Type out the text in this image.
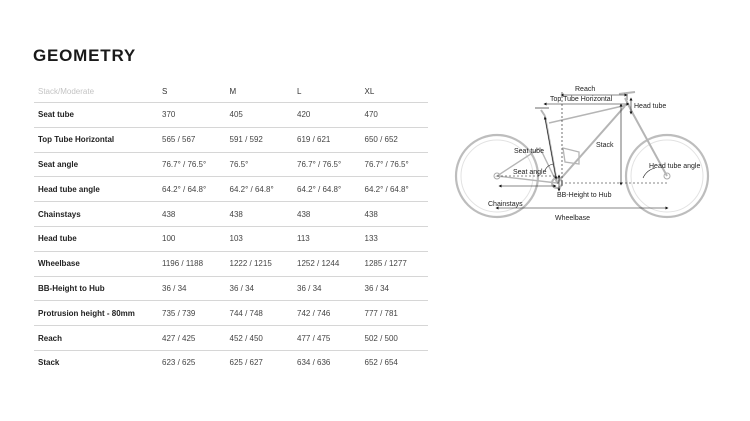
GEOMETRY
Stack/Moderate	S	M	L	XL
Seat tube	370	405	420	470
Top Tube Horizontal	565 / 567	591 / 592	619 / 621	650 / 652
Seat angle	76.7° / 76.5°	76.5°	76.7° / 76.5°	76.7° / 76.5°
Head tube angle	64.2° / 64.8°	64.2° / 64.8°	64.2° / 64.8°	64.2° / 64.8°
Chainstays	438	438	438	438
Head tube	100	103	113	133
Wheelbase	1196 / 1188	1222 / 1215	1252 / 1244	1285 / 1277
BB-Height to Hub	36 / 34	36 / 34	36 / 34	36 / 34
Protrusion height - 80mm	735 / 739	744 / 748	742 / 746	777 / 781
Reach	427 / 425	452 / 450	477 / 475	502 / 500
Stack	623 / 625	625 / 627	634 / 636	652 / 654
Reach
Top Tube Horizontal
Head tube
Stack
Seat tube
Head tube angle
Seat angle
BB-Height to Hub
Chainstays
Wheelbase
